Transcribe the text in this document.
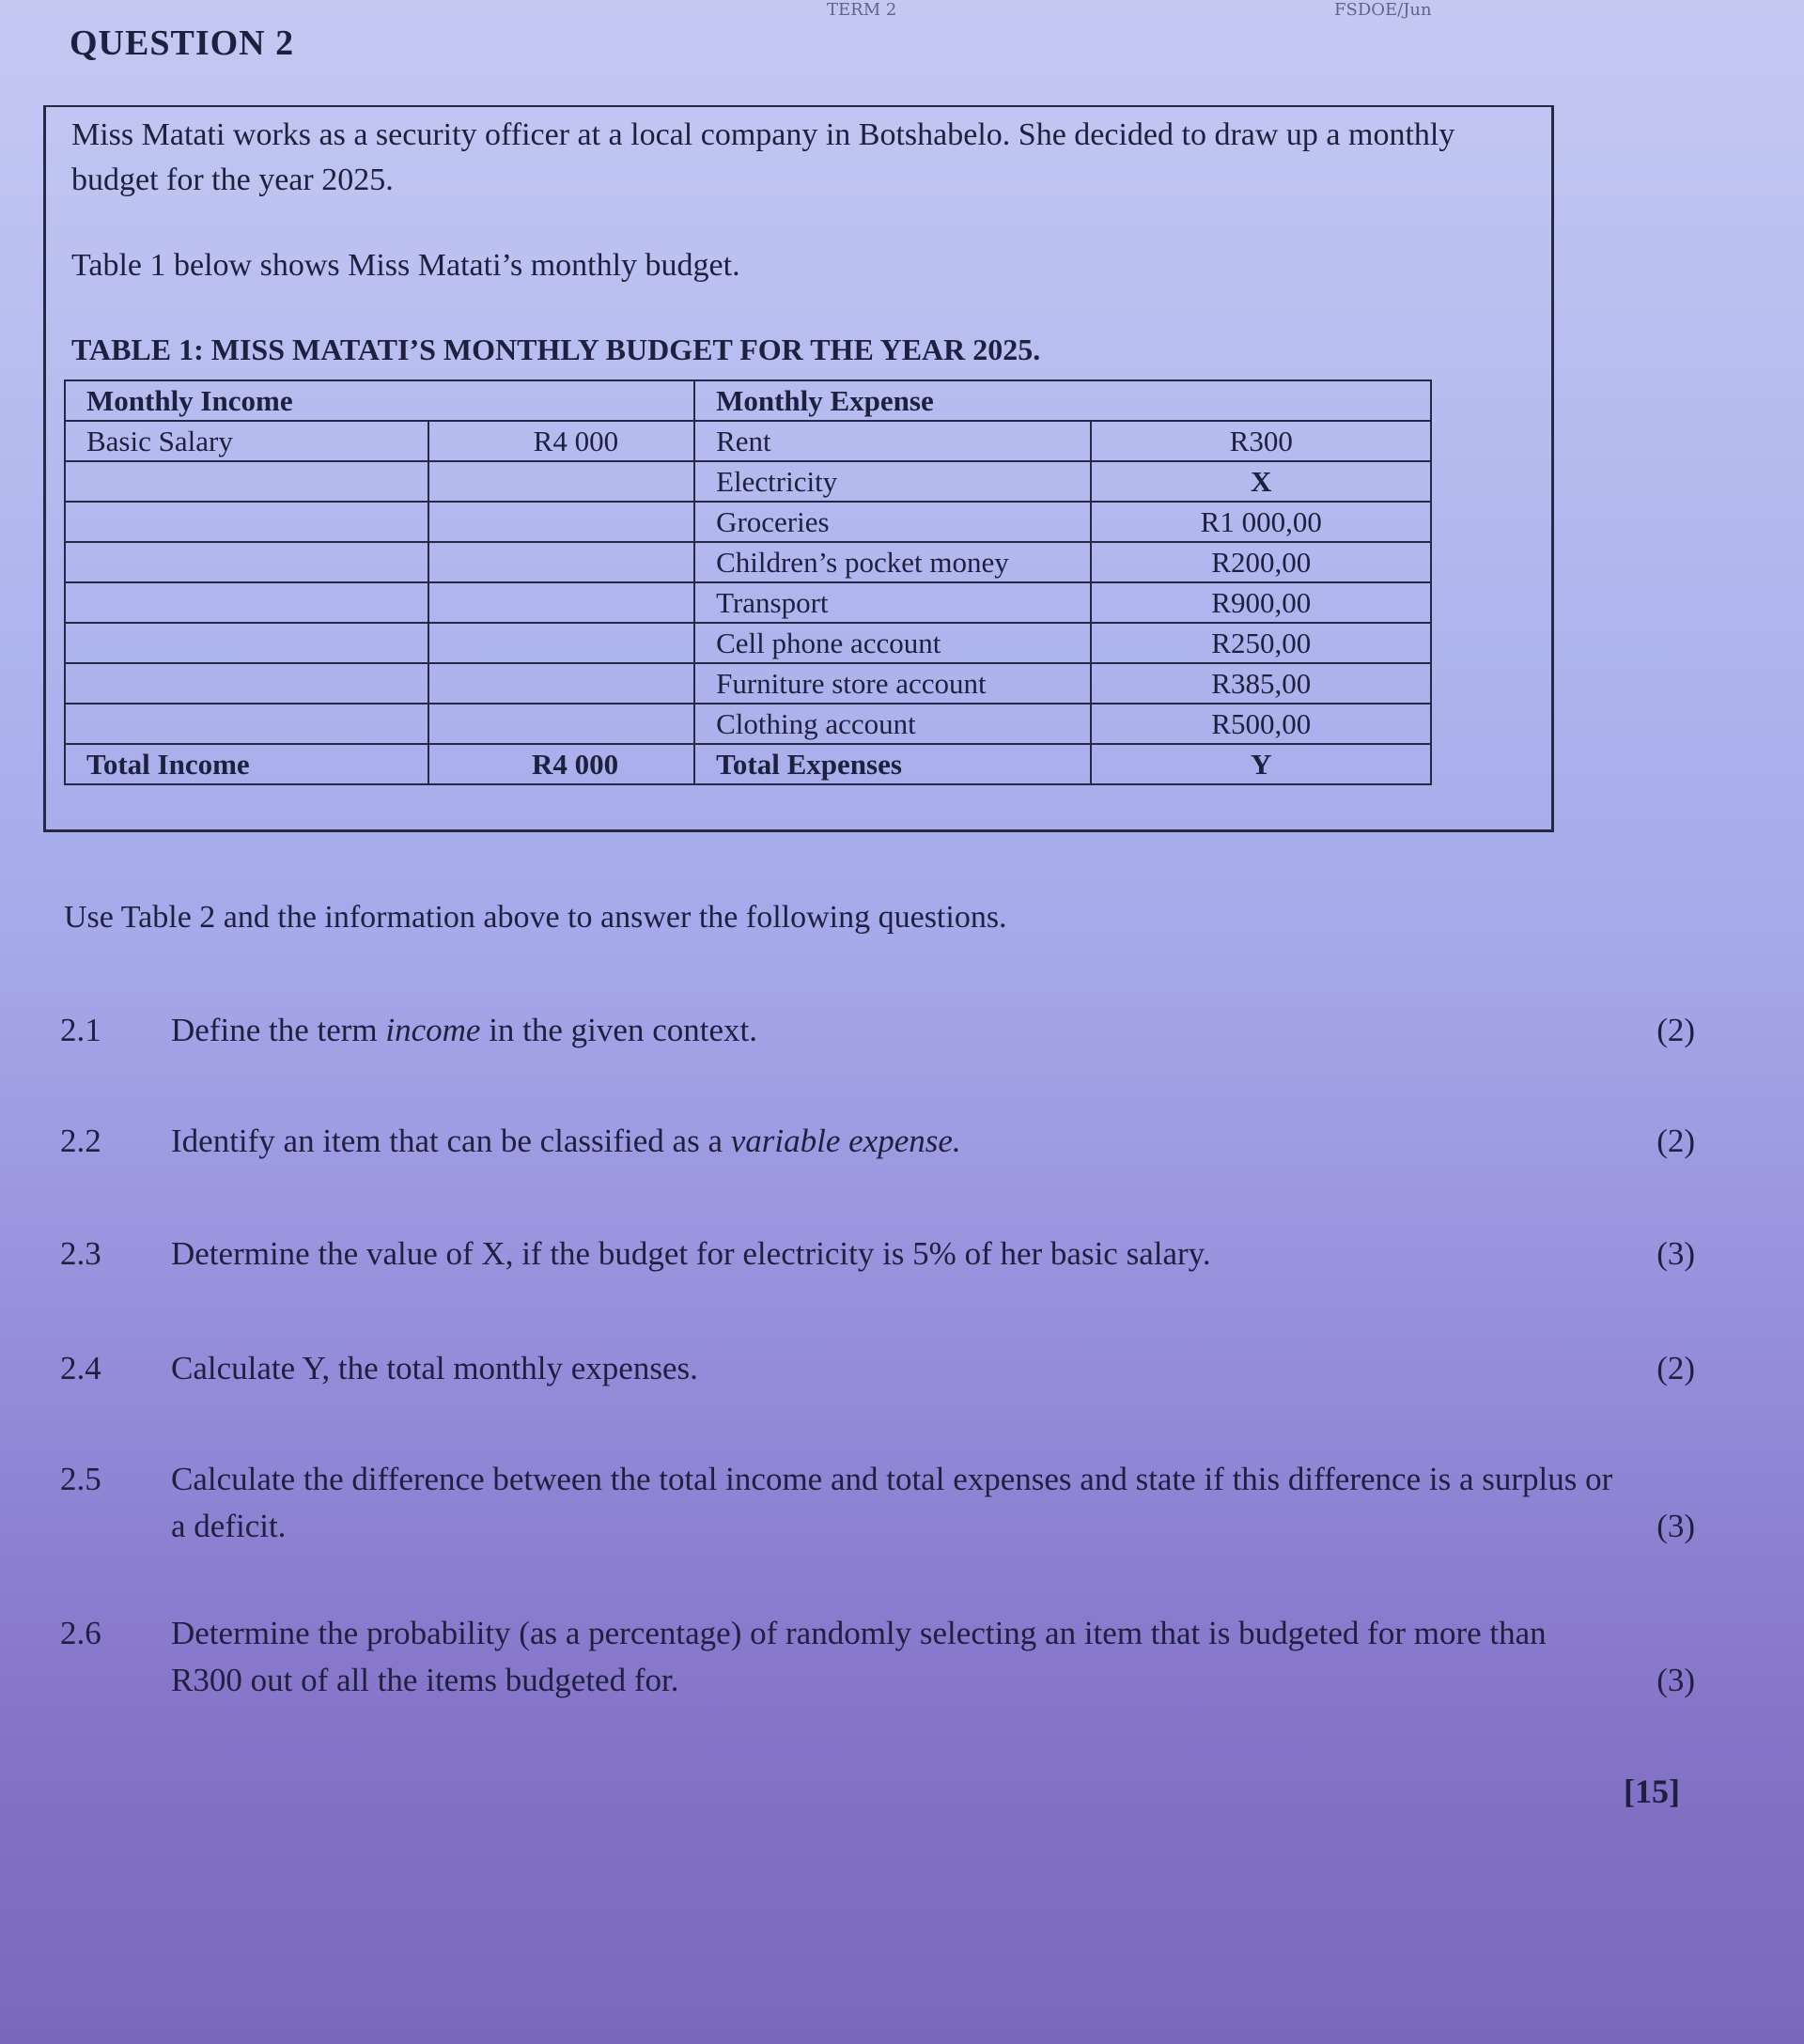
TERM 2	FSDOE/Jun
QUESTION 2
Miss Matati works as a security officer at a local company in Botshabelo. She decided to draw up a monthly budget for the year 2025.
Table 1 below shows Miss Matati’s monthly budget.
TABLE 1: MISS MATATI’S MONTHLY BUDGET FOR THE YEAR 2025.
Monthly Income		Monthly Expense	
Basic Salary	R4 000	Rent	R300
		Electricity	X
		Groceries	R1 000,00
		Children’s pocket money	R200,00
		Transport	R900,00
		Cell phone account	R250,00
		Furniture store account	R385,00
		Clothing account	R500,00
Total Income	R4 000	Total Expenses	Y
Use Table 2 and the information above to answer the following questions.
2.1 Define the term income in the given context.	(2)
2.2 Identify an item that can be classified as a variable expense.	(2)
2.3 Determine the value of X, if the budget for electricity is 5% of her basic salary.	(3)
2.4 Calculate Y, the total monthly expenses.	(2)
2.5 Calculate the difference between the total income and total expenses and state if this difference is a surplus or a deficit.	(3)
2.6 Determine the probability (as a percentage) of randomly selecting an item that is budgeted for more than R300 out of all the items budgeted for.	(3)
[15]
